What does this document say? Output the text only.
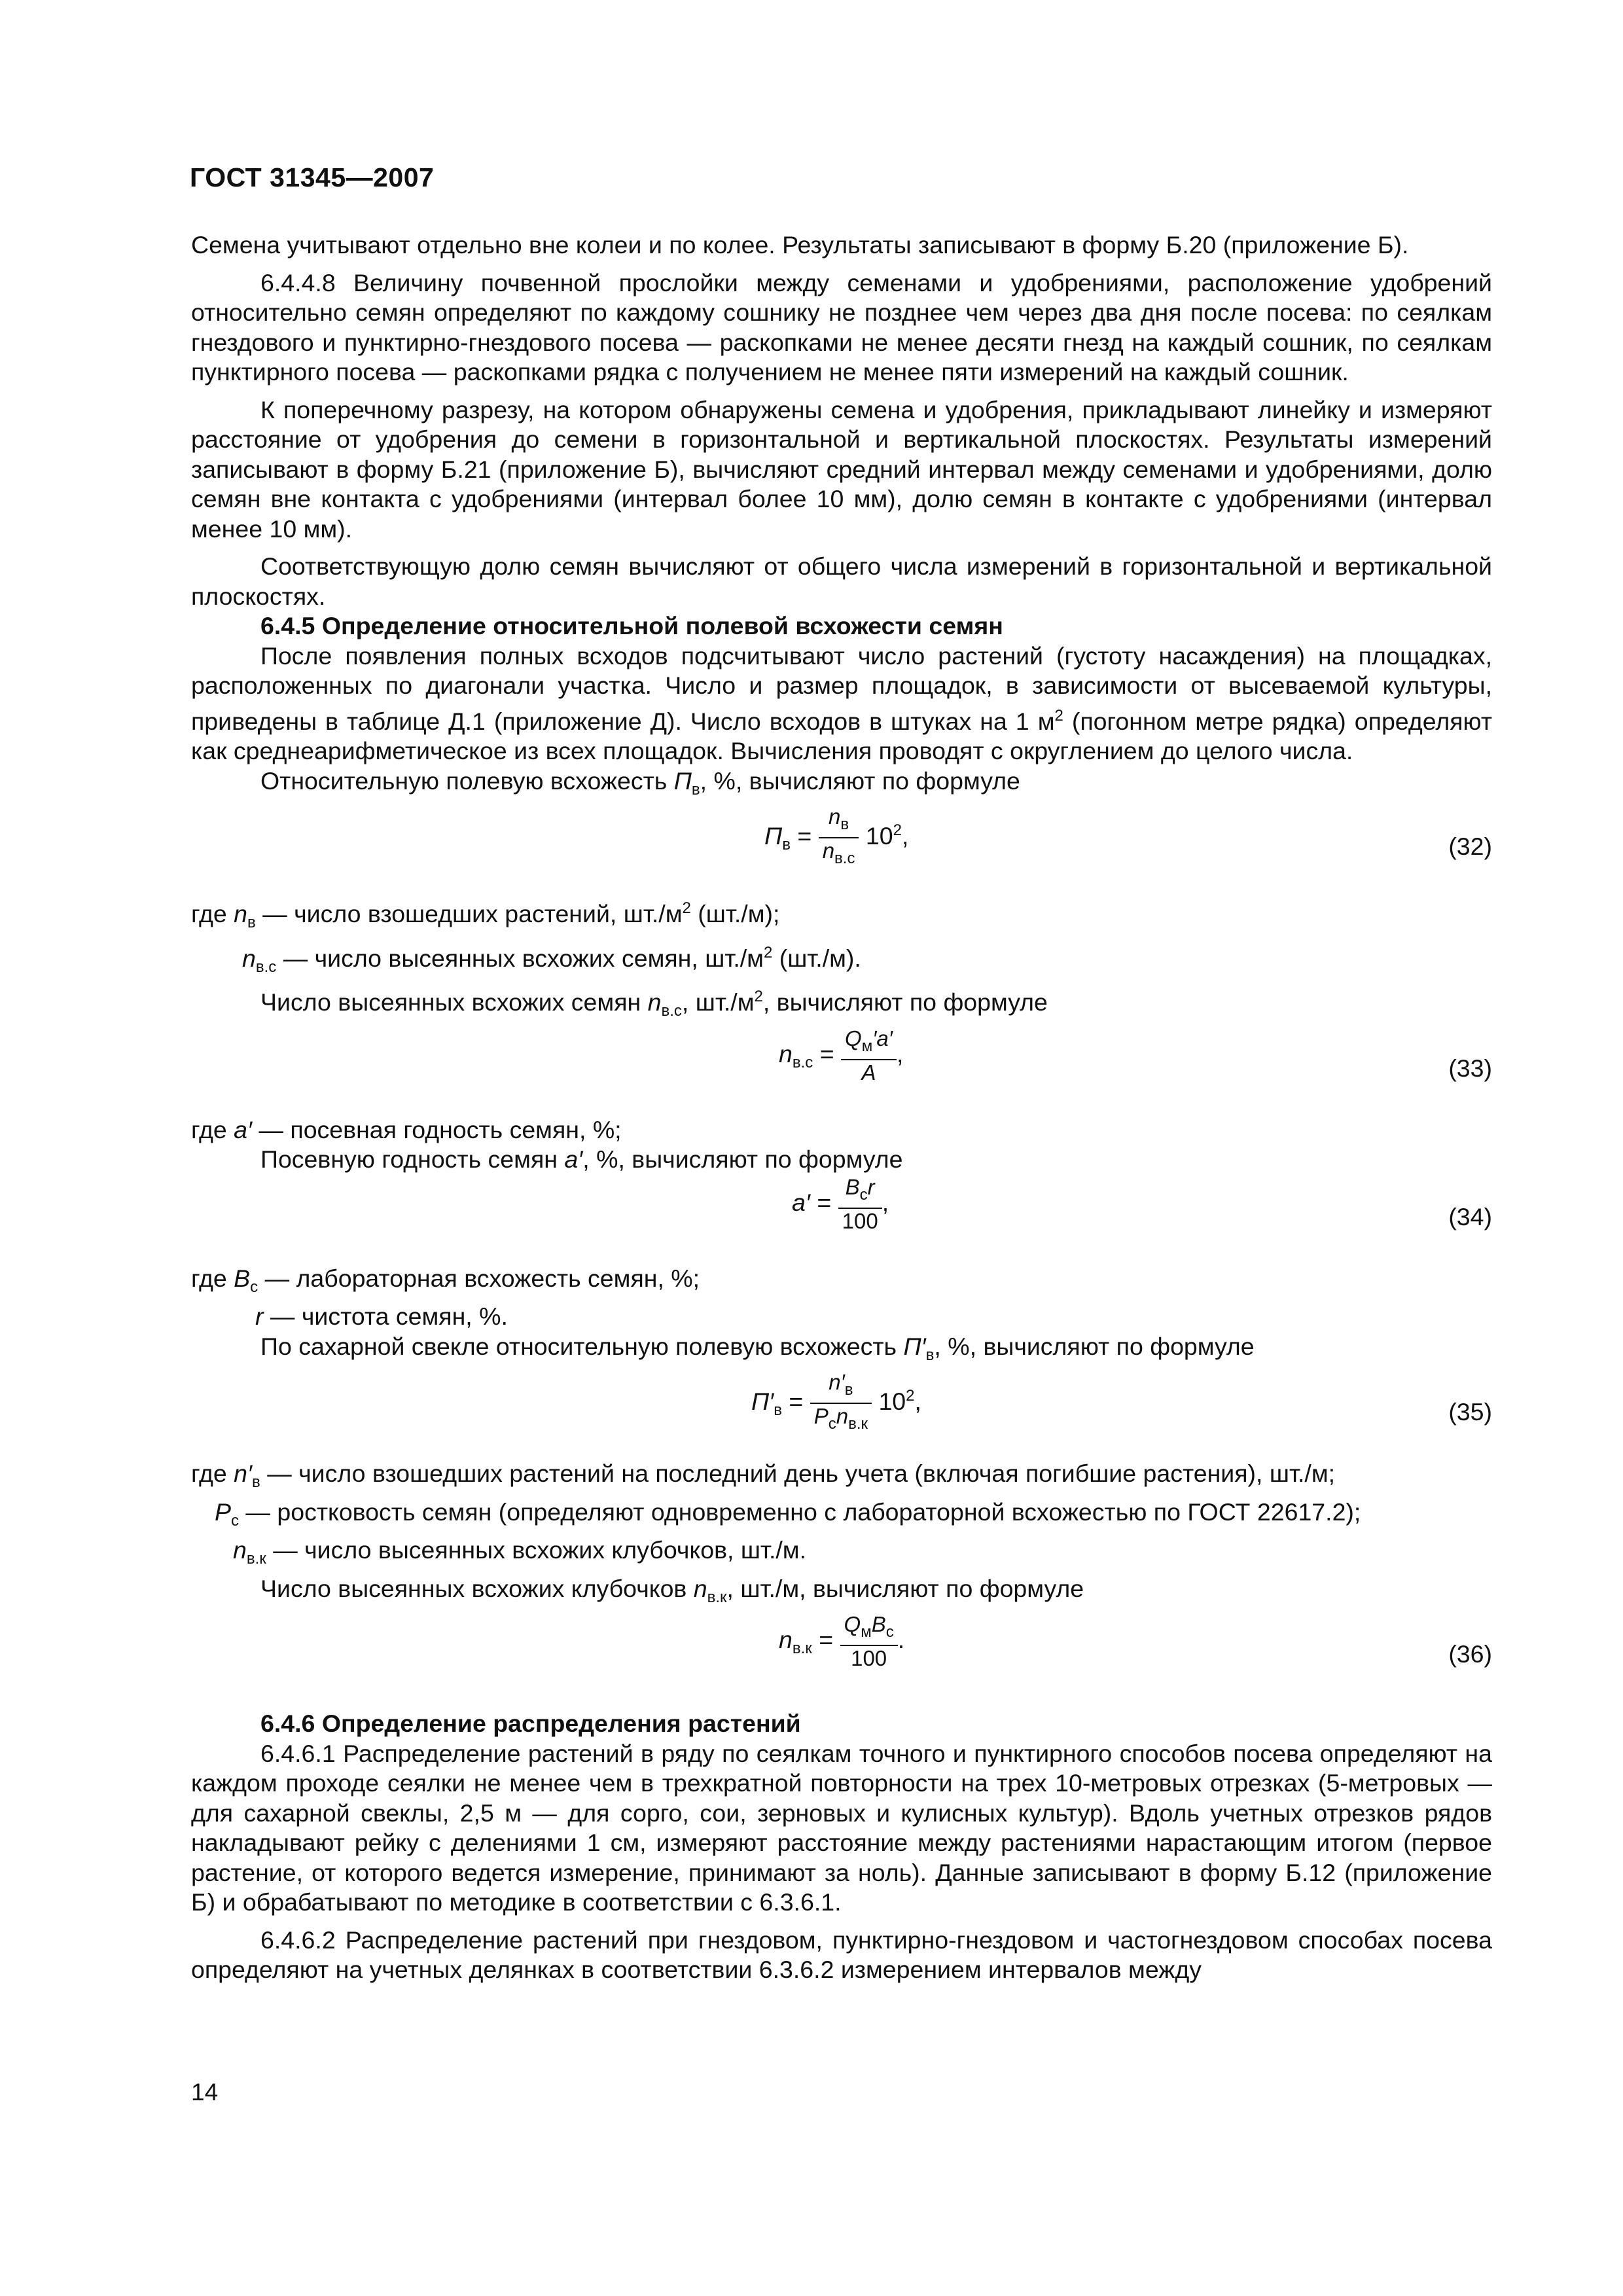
ГОСТ 31345—2007

Семена учитывают отдельно вне колеи и по колее. Результаты записывают в форму Б.20 (приложение Б).

6.4.4.8 Величину почвенной прослойки между семенами и удобрениями, расположение удобрений относительно семян определяют по каждому сошнику не позднее чем через два дня после посева: по сеялкам гнездового и пунктирно-гнездового посева — раскопками не менее десяти гнезд на каждый сошник, по сеялкам пунктирного посева — раскопками рядка с получением не менее пяти измерений на каждый сошник.

К поперечному разрезу, на котором обнаружены семена и удобрения, прикладывают линейку и измеряют расстояние от удобрения до семени в горизонтальной и вертикальной плоскостях. Результаты измерений записывают в форму Б.21 (приложение Б), вычисляют средний интервал между семенами и удобрениями, долю семян вне контакта с удобрениями (интервал более 10 мм), долю семян в контакте с удобрениями (интервал менее 10 мм).

Соответствующую долю семян вычисляют от общего числа измерений в горизонтальной и вертикальной плоскостях.

6.4.5 Определение относительной полевой всхожести семян

После появления полных всходов подсчитывают число растений (густоту насаждения) на площадках, расположенных по диагонали участка. Число и размер площадок, в зависимости от высеваемой культуры, приведены в таблице Д.1 (приложение Д). Число всходов в штуках на 1 $м^2$ (погонном метре рядка) определяют как среднеарифметическое из всех площадок. Вычисления проводят с округлением до целого числа.

Относительную полевую всхожесть $П_в$, %, вычисляют по формуле

$П_в = \frac{n_в}{n_{в.с}} 10^2$,	(32)

где $n_в$ — число взошедших растений, $шт./м^2$ (шт./м);

$n_{в.с}$ — число высеянных всхожих семян, $шт./м^2$ (шт./м).

Число высеянных всхожих семян $n_{в.с}$, $шт./м^2$, вычисляют по формуле

$n_{в.с} = \frac{Q_м'a'}{A}$ ,
(33)

где a′ — посевная годность семян, %;

Посевную годность семян a′, %, вычисляют по формуле

$a' = \frac{B_cr}{100}$ ,
(34)

где $B_с$ — лабораторная всхожесть семян, %;

r — чистота семян, %.

По сахарной свекле относительную полевую всхожесть $П'_в$, %, вычисляют по формуле

$П'_в = \frac{n'_в}{P_cn_{в.к}} 10^2$,	(35)

где $n'_в$ — число взошедших растений на последний день учета (включая погибшие растения), шт./м;

$P_с$ — ростковость семян (определяют одновременно с лабораторной всхожестью по ГОСТ 22617.2);

$n_{в.к}$ — число высеянных всхожих клубочков, шт./м.

Число высеянных всхожих клубочков $n_{в.к}$, шт./м, вычисляют по формуле

$n_{в.к} = \frac{Q_мB_c}{100}$ .
(36)

6.4.6 Определение распределения растений

6.4.6.1 Распределение растений в ряду по сеялкам точного и пунктирного способов посева определяют на каждом проходе сеялки не менее чем в трехкратной повторности на трех 10-метровых отрезках (5-метровых — для сахарной свеклы, 2,5 м — для сорго, сои, зерновых и кулисных культур). Вдоль учетных отрезков рядов накладывают рейку с делениями 1 см, измеряют расстояние между растениями нарастающим итогом (первое растение, от которого ведется измерение, принимают за ноль). Данные записывают в форму Б.12 (приложение Б) и обрабатывают по методике в соответствии с 6.3.6.1.

6.4.6.2 Распределение растений при гнездовом, пунктирно-гнездовом и частогнездовом способах посева определяют на учетных делянках в соответствии 6.3.6.2 измерением интервалов между

14
